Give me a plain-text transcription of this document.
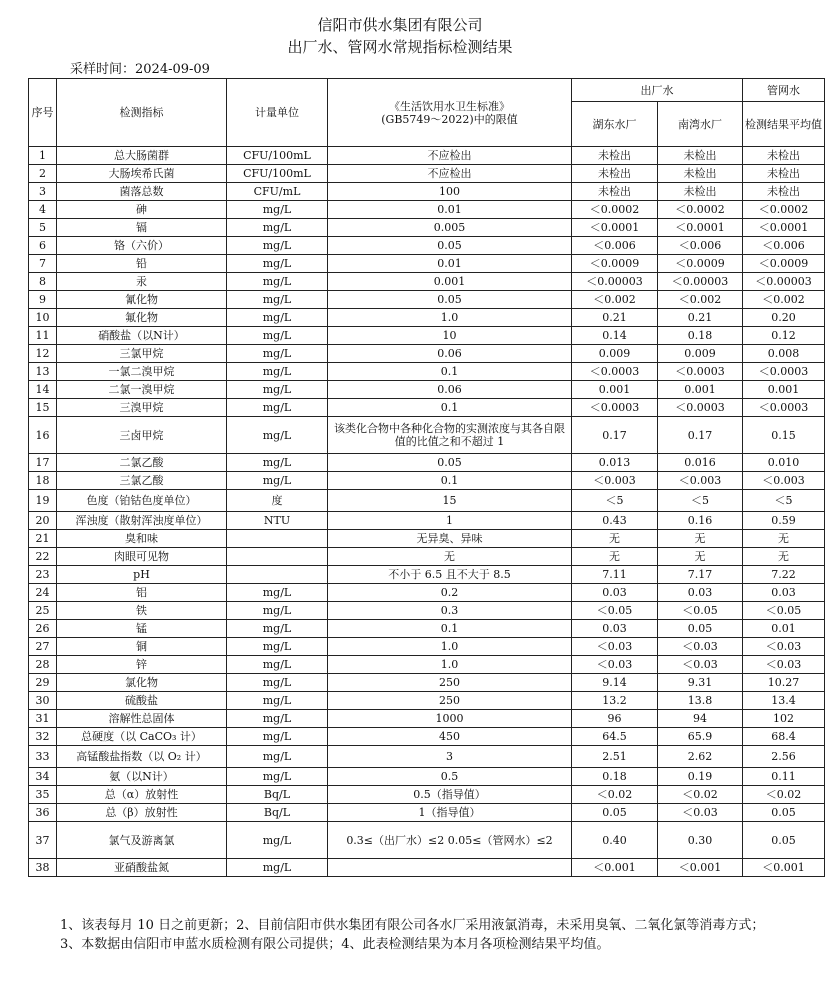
信阳市供水集团有限公司
出厂水、管网水常规指标检测结果
采样时间：2024-09-09
序号	检测指标	计量单位	《生活饮用水卫生标准》
(GB5749～2022)中的限值	出厂水		管网水
				湖东水厂	南湾水厂	检测结果平均值
1	总大肠菌群	CFU/100mL	不应检出	未检出	未检出	未检出
2	大肠埃希氏菌	CFU/100mL	不应检出	未检出	未检出	未检出
3	菌落总数	CFU/mL	100	未检出	未检出	未检出
4	砷	mg/L	0.01	＜0.0002	＜0.0002	＜0.0002
5	镉	mg/L	0.005	＜0.0001	＜0.0001	＜0.0001
6	铬（六价）	mg/L	0.05	＜0.006	＜0.006	＜0.006
7	铅	mg/L	0.01	＜0.0009	＜0.0009	＜0.0009
8	汞	mg/L	0.001	＜0.00003	＜0.00003	＜0.00003
9	氰化物	mg/L	0.05	＜0.002	＜0.002	＜0.002
10	氟化物	mg/L	1.0	0.21	0.21	0.20
11	硝酸盐（以N计）	mg/L	10	0.14	0.18	0.12
12	三氯甲烷	mg/L	0.06	0.009	0.009	0.008
13	一氯二溴甲烷	mg/L	0.1	＜0.0003	＜0.0003	＜0.0003
14	二氯一溴甲烷	mg/L	0.06	0.001	0.001	0.001
15	三溴甲烷	mg/L	0.1	＜0.0003	＜0.0003	＜0.0003
16	三卤甲烷	mg/L	该类化合物中各种化合物的实测浓度与其各自限值的比值之和不超过 1	0.17	0.17	0.15
17	二氯乙酸	mg/L	0.05	0.013	0.016	0.010
18	三氯乙酸	mg/L	0.1	＜0.003	＜0.003	＜0.003
19	色度（铂钴色度单位）	度	15	＜5	＜5	＜5
20	浑浊度（散射浑浊度单位）	NTU	1	0.43	0.16	0.59
21	臭和味		无异臭、异味	无	无	无
22	肉眼可见物		无	无	无	无
23	pH		不小于 6.5 且不大于 8.5	7.11	7.17	7.22
24	铝	mg/L	0.2	0.03	0.03	0.03
25	铁	mg/L	0.3	＜0.05	＜0.05	＜0.05
26	锰	mg/L	0.1	0.03	0.05	0.01
27	铜	mg/L	1.0	＜0.03	＜0.03	＜0.03
28	锌	mg/L	1.0	＜0.03	＜0.03	＜0.03
29	氯化物	mg/L	250	9.14	9.31	10.27
30	硫酸盐	mg/L	250	13.2	13.8	13.4
31	溶解性总固体	mg/L	1000	96	94	102
32	总硬度（以 CaCO₃ 计）	mg/L	450	64.5	65.9	68.4
33	高锰酸盐指数（以 O₂ 计）	mg/L	3	2.51	2.62	2.56
34	氨（以N计）	mg/L	0.5	0.18	0.19	0.11
35	总（α）放射性	Bq/L	0.5（指导值）	＜0.02	＜0.02	＜0.02
36	总（β）放射性	Bq/L	1（指导值）	0.05	＜0.03	0.05
37	氯气及游离氯	mg/L	0.3≤（出厂水）≤2 0.05≤（管网水）≤2	0.40	0.30	0.05
38	亚硝酸盐氮	mg/L		＜0.001	＜0.001	＜0.001
1、该表每月 10 日之前更新；2、目前信阳市供水集团有限公司各水厂采用液氯消毒，未采用臭氧、二氧化氯等消毒方式；3、本数据由信阳市申蓝水质检测有限公司提供；4、此表检测结果为本月各项检测结果平均值。
